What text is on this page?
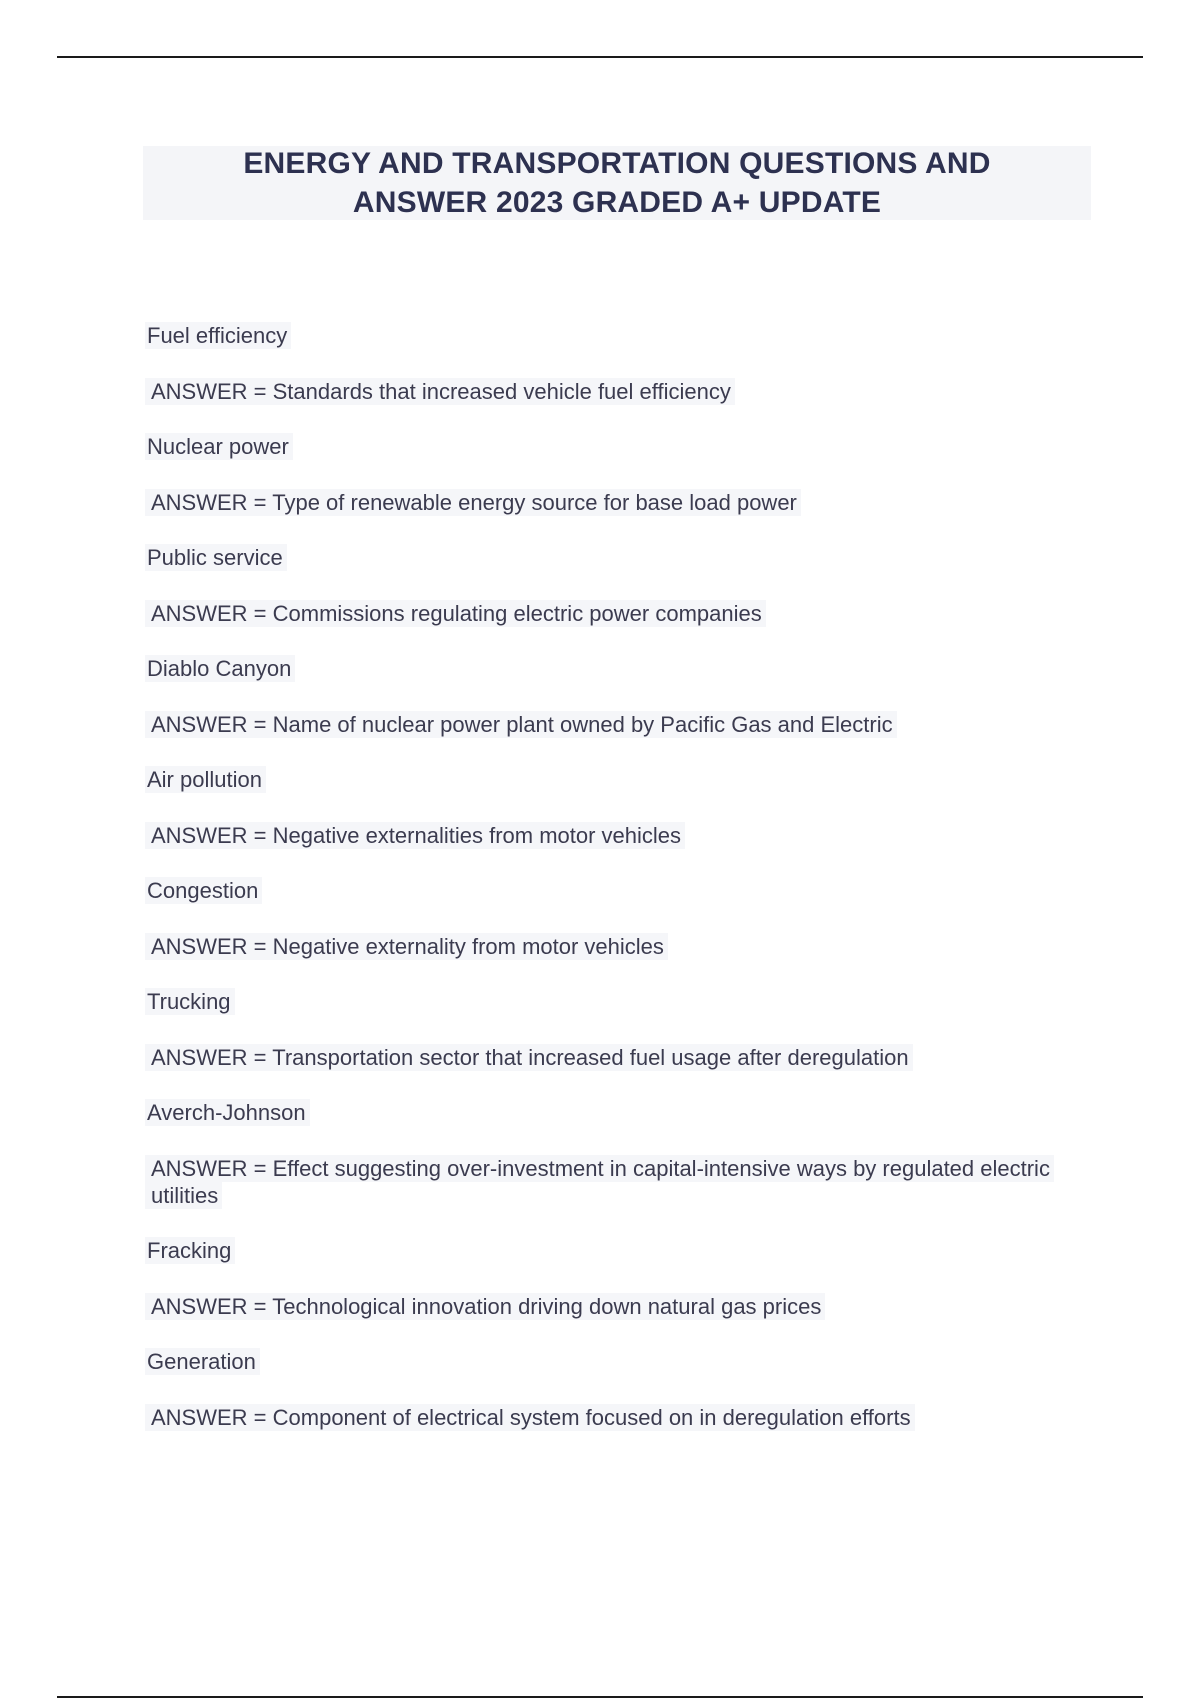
ENERGY AND TRANSPORTATION QUESTIONS AND
ANSWER 2023 GRADED A+ UPDATE
Fuel efficiency
ANSWER = Standards that increased vehicle fuel efficiency
Nuclear power
ANSWER = Type of renewable energy source for base load power
Public service
ANSWER = Commissions regulating electric power companies
Diablo Canyon
ANSWER = Name of nuclear power plant owned by Pacific Gas and Electric
Air pollution
ANSWER = Negative externalities from motor vehicles
Congestion
ANSWER = Negative externality from motor vehicles
Trucking
ANSWER = Transportation sector that increased fuel usage after deregulation
Averch-Johnson
ANSWER = Effect suggesting over-investment in capital-intensive ways by regulated electric utilities
Fracking
ANSWER = Technological innovation driving down natural gas prices
Generation
ANSWER = Component of electrical system focused on in deregulation efforts
